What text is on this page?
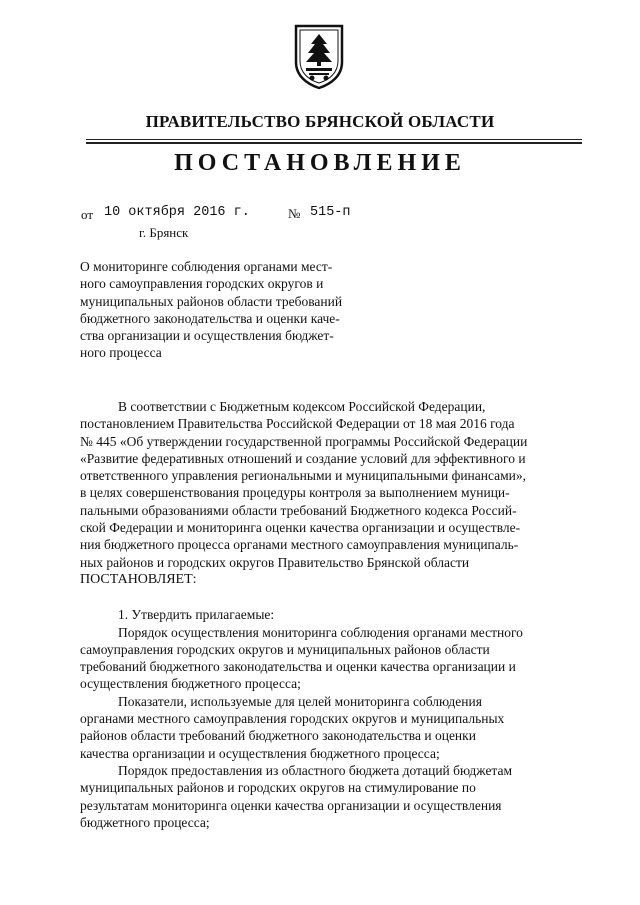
ПРАВИТЕЛЬСТВО БРЯНСКОЙ ОБЛАСТИ
ПОСТАНОВЛЕНИЕ
от 10 октября 2016 г.	№ 515-п
г. Брянск
О мониторинге соблюдения органами мест-
ного самоуправления городских округов и
муниципальных районов области требований
бюджетного законодательства и оценки каче-
ства организации и осуществления бюджет-
ного процесса
В соответствии с Бюджетным кодексом Российской Федерации,
постановлением Правительства Российской Федерации от 18 мая 2016 года
№ 445 «Об утверждении государственной программы Российской Федерации
«Развитие федеративных отношений и создание условий для эффективного и
ответственного управления региональными и муниципальными финансами»,
в целях совершенствования процедуры контроля за выполнением муници-
пальными образованиями области требований Бюджетного кодекса Россий-
ской Федерации и мониторинга оценки качества организации и осуществле-
ния бюджетного процесса органами местного самоуправления муниципаль-
ных районов и городских округов Правительство Брянской области
ПОСТАНОВЛЯЕТ:
1. Утвердить прилагаемые:
Порядок осуществления мониторинга соблюдения органами местного
самоуправления городских округов и муниципальных районов области
требований бюджетного законодательства и оценки качества организации и
осуществления бюджетного процесса;
Показатели, используемые для целей мониторинга соблюдения
органами местного самоуправления городских округов и муниципальных
районов области требований бюджетного законодательства и оценки
качества организации и осуществления бюджетного процесса;
Порядок предоставления из областного бюджета дотаций бюджетам
муниципальных районов и городских округов на стимулирование по
результатам мониторинга оценки качества организации и осуществления
бюджетного процесса;
